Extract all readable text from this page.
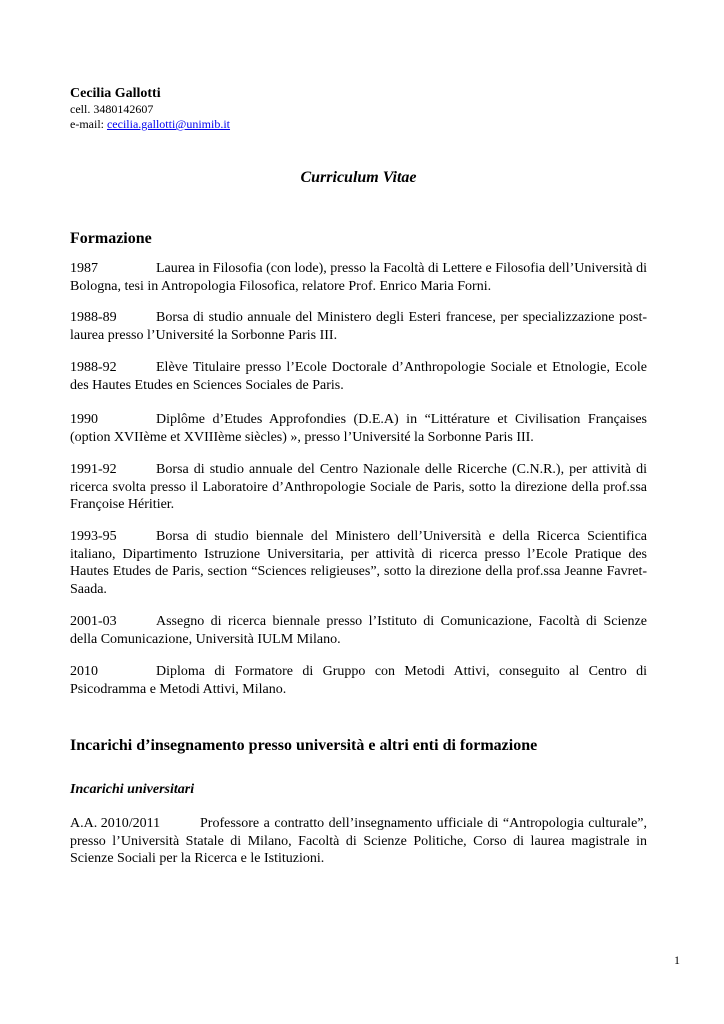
Cecilia Gallotti

cell. 3480142607

e-mail: cecilia.gallotti@unimib.it

Curriculum Vitae

Formazione

1987	Laurea in Filosofia (con lode), presso la Facoltà di Lettere e Filosofia dell’Università di Bologna, tesi in Antropologia Filosofica, relatore Prof. Enrico Maria Forni.

1988-89	Borsa di studio annuale del Ministero degli Esteri francese, per specializzazione post-laurea presso l’Université la Sorbonne Paris III.

1988-92	Elève Titulaire presso l’Ecole Doctorale d’Anthropologie Sociale et Etnologie, Ecole des Hautes Etudes en Sciences Sociales de Paris.

1990	Diplôme d’Etudes Approfondies (D.E.A) in “Littérature et Civilisation Françaises (option XVIIème et XVIIIème siècles) », presso l’Université la Sorbonne Paris III.

1991-92	Borsa di studio annuale del Centro Nazionale delle Ricerche (C.N.R.), per attività di ricerca svolta presso il Laboratoire d’Anthropologie Sociale de Paris, sotto la direzione della prof.ssa Françoise Héritier.

1993-95	Borsa di studio biennale del Ministero dell’Università e della Ricerca Scientifica italiano, Dipartimento Istruzione Universitaria, per attività di ricerca presso l’Ecole Pratique des Hautes Etudes de Paris, section “Sciences religieuses”, sotto la direzione della prof.ssa Jeanne Favret-Saada.

2001-03	Assegno di ricerca biennale presso l’Istituto di Comunicazione, Facoltà di Scienze della Comunicazione, Università IULM Milano.

2010	Diploma di Formatore di Gruppo con Metodi Attivi, conseguito al Centro di Psicodramma e Metodi Attivi, Milano.

Incarichi d’insegnamento presso università e altri enti di formazione

Incarichi universitari

A.A. 2010/2011	Professore a contratto dell’insegnamento ufficiale di “Antropologia culturale”, presso l’Università Statale di Milano, Facoltà di Scienze Politiche, Corso di laurea magistrale in Scienze Sociali per la Ricerca e le Istituzioni.

1
